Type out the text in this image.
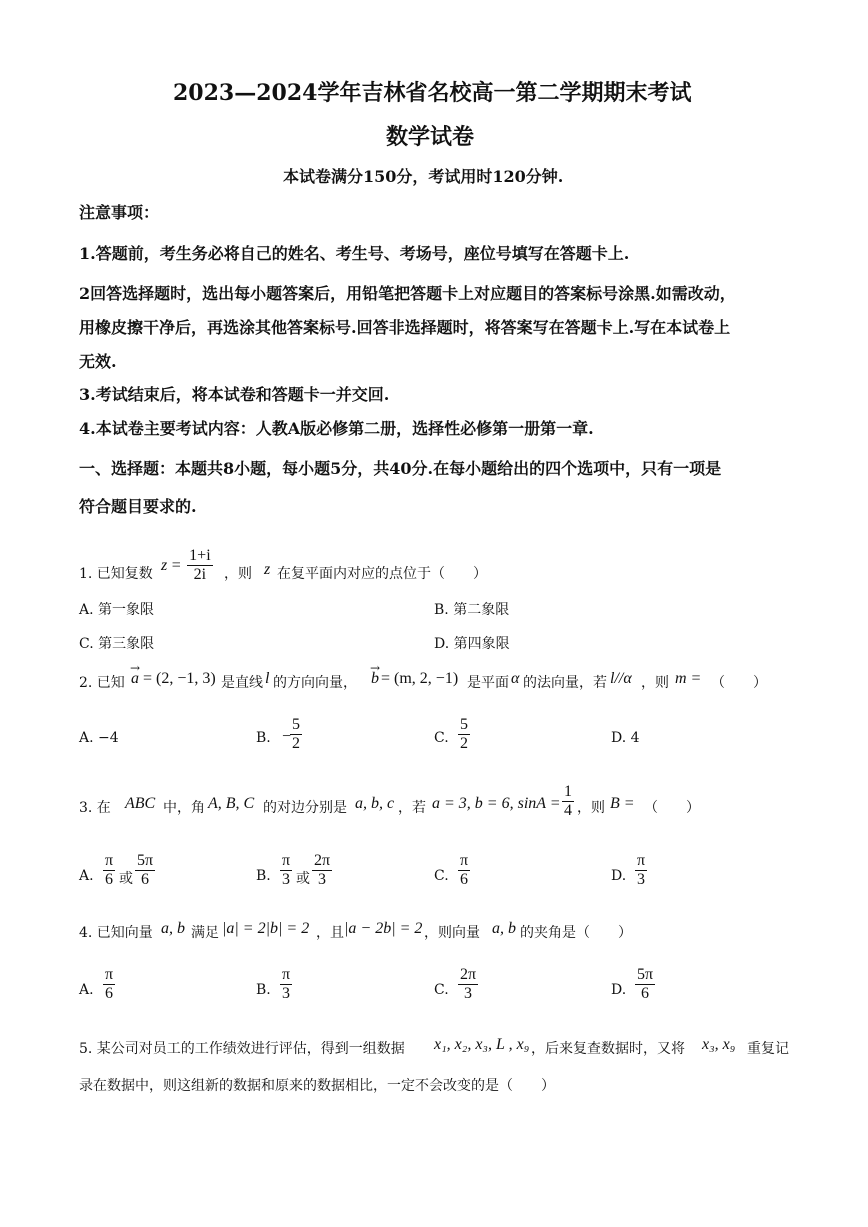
2023—2024学年吉林省名校高一第二学期期末考试
数学试卷
本试卷满分150分，考试用时120分钟.
注意事项：
1.答题前，考生务必将自己的姓名、考生号、考场号，座位号填写在答题卡上.
2回答选择题时，选出每小题答案后，用铅笔把答题卡上对应题目的答案标号涂黑.如需改动，
用橡皮擦干净后，再选涂其他答案标号.回答非选择题时，将答案写在答题卡上.写在本试卷上
无效.
3.考试结束后，将本试卷和答题卡一并交回.
4.本试卷主要考试内容：人教A版必修第二册，选择性必修第一册第一章.
一、选择题：本题共8小题，每小题5分，共40分.在每小题给出的四个选项中，只有一项是
符合题目要求的.
1. 已知复数
$z = \frac{1+i}{2i}$ ，则 z 在复平面内对应的点位于（　　）
A. 第一象限	B. 第二象限
C. 第三象限	D. 第四象限
2. 已知 a
→
= (2, −1, 3) 是直线 l 的方向向量， b
→
= (m, 2, −1) 是平面 α 的法向量，若 l//α ，则 m = （　　）
A. −4	B. −
$\frac{5}{2}$	C. $\frac{5}{2}$	D. 4
3. 在 ABC 中，角 A, B, C 的对边分别是 a, b, c ，若 a = 3, b = 6, $\sin A = \frac{1}{4}$ ，则 B = （　　）
A. $\frac{\pi}{6}$ 或 $\frac{5\pi}{6}$	B. $\frac{\pi}{3}$ 或 $\frac{2\pi}{3}$	C. $\frac{\pi}{6}$	D. $\frac{\pi}{3}$
4. 已知向量 a, b 满足 |a| = 2|b| = 2 ，且 |a − 2b| = 2 ，则向量 a, b 的夹角是（　　）
A. $\frac{\pi}{6}$	B. $\frac{\pi}{3}$	C. $\frac{2\pi}{3}$	D. $\frac{5\pi}{6}$
5. 某公司对员工的工作绩效进行评估，得到一组数据 x₁, x₂, x₃, L , x₉ ，后来复查数据时，又将 x₃, x₉ 重复记
录在数据中，则这组新的数据和原来的数据相比，一定不会改变的是（　　）
